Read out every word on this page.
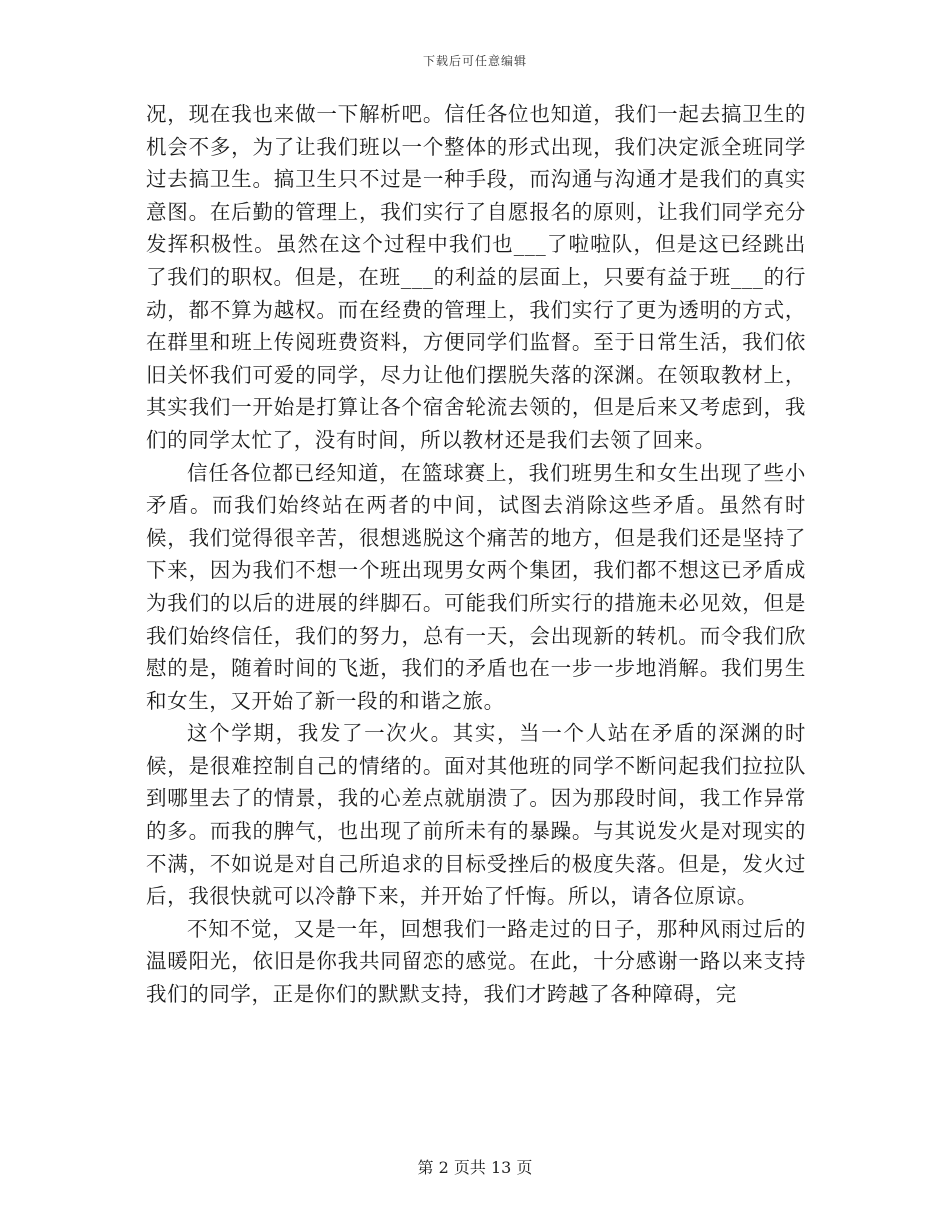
下载后可任意编辑

况，现在我也来做一下解析吧。信任各位也知道，我们一起去搞卫生的机会不多，为了让我们班以一个整体的形式出现，我们决定派全班同学过去搞卫生。搞卫生只不过是一种手段，而沟通与沟通才是我们的真实意图。在后勤的管理上，我们实行了自愿报名的原则，让我们同学充分发挥积极性。虽然在这个过程中我们也___了啦啦队，但是这已经跳出了我们的职权。但是，在班___的利益的层面上，只要有益于班___的行动，都不算为越权。而在经费的管理上，我们实行了更为透明的方式，在群里和班上传阅班费资料，方便同学们监督。至于日常生活，我们依旧关怀我们可爱的同学，尽力让他们摆脱失落的深渊。在领取教材上，其实我们一开始是打算让各个宿舍轮流去领的，但是后来又考虑到，我们的同学太忙了，没有时间，所以教材还是我们去领了回来。

信任各位都已经知道，在篮球赛上，我们班男生和女生出现了些小矛盾。而我们始终站在两者的中间，试图去消除这些矛盾。虽然有时候，我们觉得很辛苦，很想逃脱这个痛苦的地方，但是我们还是坚持了下来，因为我们不想一个班出现男女两个集团，我们都不想这已矛盾成为我们的以后的进展的绊脚石。可能我们所实行的措施未必见效，但是我们始终信任，我们的努力，总有一天，会出现新的转机。而令我们欣慰的是，随着时间的飞逝，我们的矛盾也在一步一步地消解。我们男生和女生，又开始了新一段的和谐之旅。

这个学期，我发了一次火。其实，当一个人站在矛盾的深渊的时候，是很难控制自己的情绪的。面对其他班的同学不断问起我们拉拉队到哪里去了的情景，我的心差点就崩溃了。因为那段时间，我工作异常的多。而我的脾气，也出现了前所未有的暴躁。与其说发火是对现实的不满，不如说是对自己所追求的目标受挫后的极度失落。但是，发火过后，我很快就可以冷静下来，并开始了忏悔。所以，请各位原谅。

不知不觉，又是一年，回想我们一路走过的日子，那种风雨过后的温暖阳光，依旧是你我共同留恋的感觉。在此，十分感谢一路以来支持我们的同学，正是你们的默默支持，我们才跨越了各种障碍，完

第 2 页共 13 页
